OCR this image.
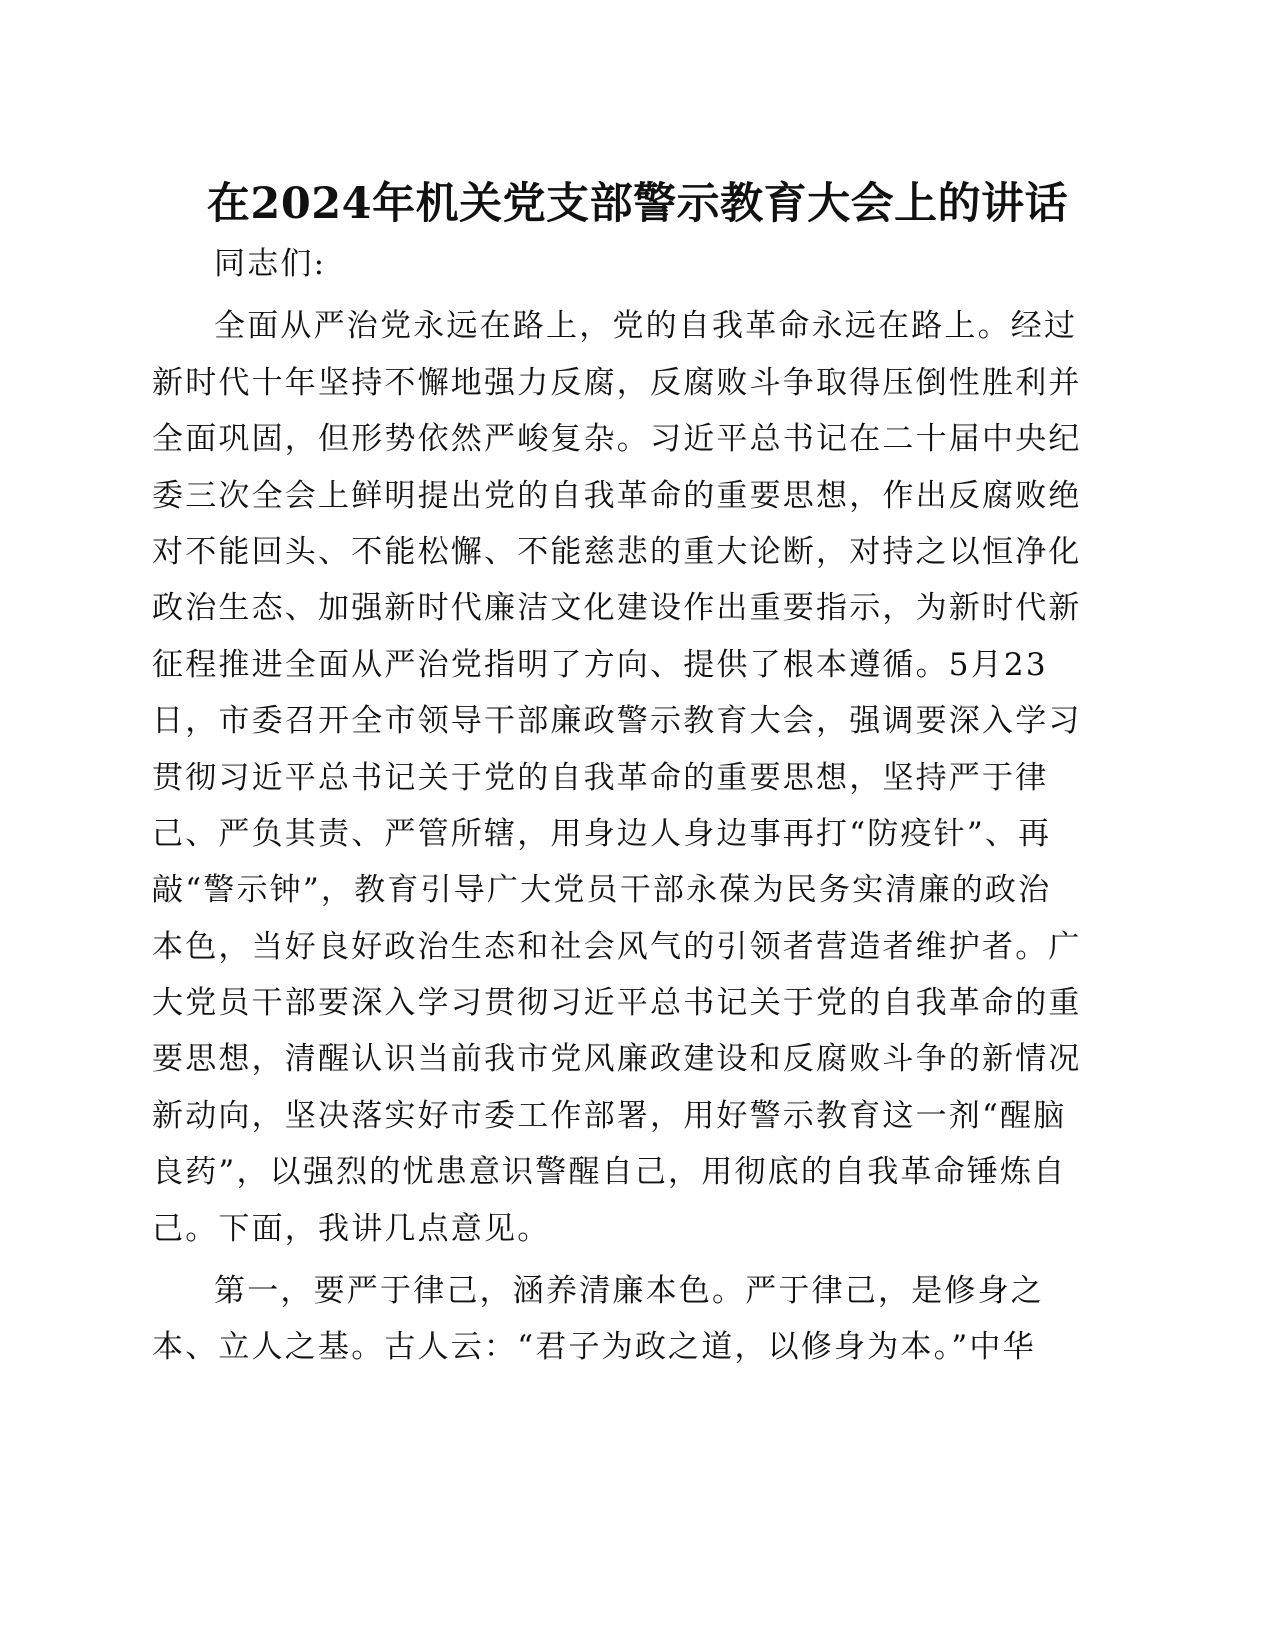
在2024年机关党支部警示教育大会上的讲话
同志们:
全面从严治党永远在路上，党的自我革命永远在路上。经过
新时代十年坚持不懈地强力反腐，反腐败斗争取得压倒性胜利并
全面巩固，但形势依然严峻复杂。习近平总书记在二十届中央纪
委三次全会上鲜明提出党的自我革命的重要思想，作出反腐败绝
对不能回头、不能松懈、不能慈悲的重大论断，对持之以恒净化
政治生态、加强新时代廉洁文化建设作出重要指示，为新时代新
征程推进全面从严治党指明了方向、提供了根本遵循。5月23
日，市委召开全市领导干部廉政警示教育大会，强调要深入学习
贯彻习近平总书记关于党的自我革命的重要思想，坚持严于律
己、严负其责、严管所辖，用身边人身边事再打“防疫针”、再
敲“警示钟”，教育引导广大党员干部永葆为民务实清廉的政治
本色，当好良好政治生态和社会风气的引领者营造者维护者。广
大党员干部要深入学习贯彻习近平总书记关于党的自我革命的重
要思想，清醒认识当前我市党风廉政建设和反腐败斗争的新情况
新动向，坚决落实好市委工作部署，用好警示教育这一剂“醒脑
良药”，以强烈的忧患意识警醒自己，用彻底的自我革命锤炼自
己。下面，我讲几点意见。
第一，要严于律己，涵养清廉本色。严于律己，是修身之
本、立人之基。古人云：“君子为政之道，以修身为本。”中华
